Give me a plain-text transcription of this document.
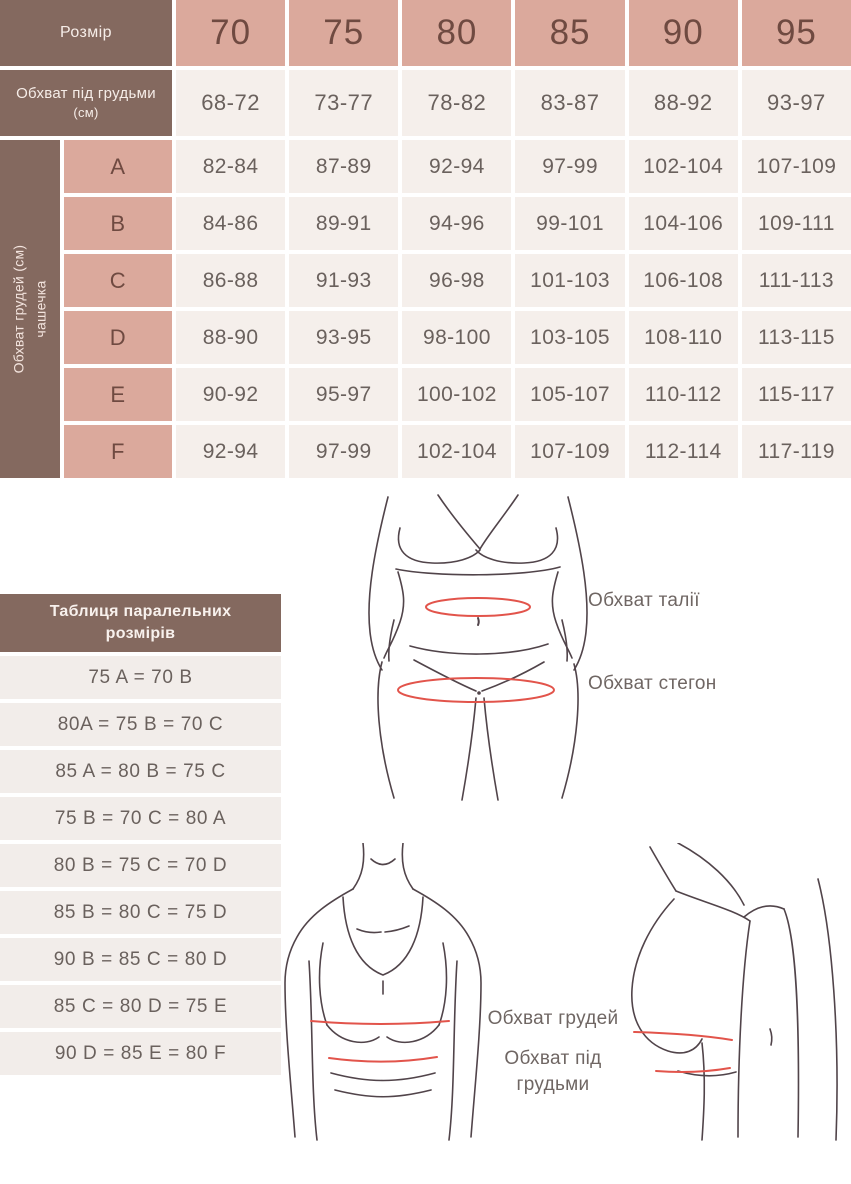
Розмір	70	75	80	85	90	95
Обхват під грудьми
(см)	68-72	73-77	78-82	83-87	88-92	93-97
Обхват грудей (см) чашечка
A	82-84	87-89	92-94	97-99	102-104	107-109
B	84-86	89-91	94-96	99-101	104-106	109-111
C	86-88	91-93	96-98	101-103	106-108	111-113
D	88-90	93-95	98-100	103-105	108-110	113-115
E	90-92	95-97	100-102	105-107	110-112	115-117
F	92-94	97-99	102-104	107-109	112-114	117-119
Таблиця паралельних
розмірів
75 A = 70 B
80A = 75 B = 70 C
85 A = 80 B = 75 C
75 B = 70 C = 80 A
80 B = 75 C = 70 D
85 B = 80 C = 75 D
90 B = 85 C = 80 D
85 C = 80 D = 75 E
90 D = 85 E = 80 F
Обхват талії
Обхват стегон
Обхват грудей
Обхват під
грудьми
